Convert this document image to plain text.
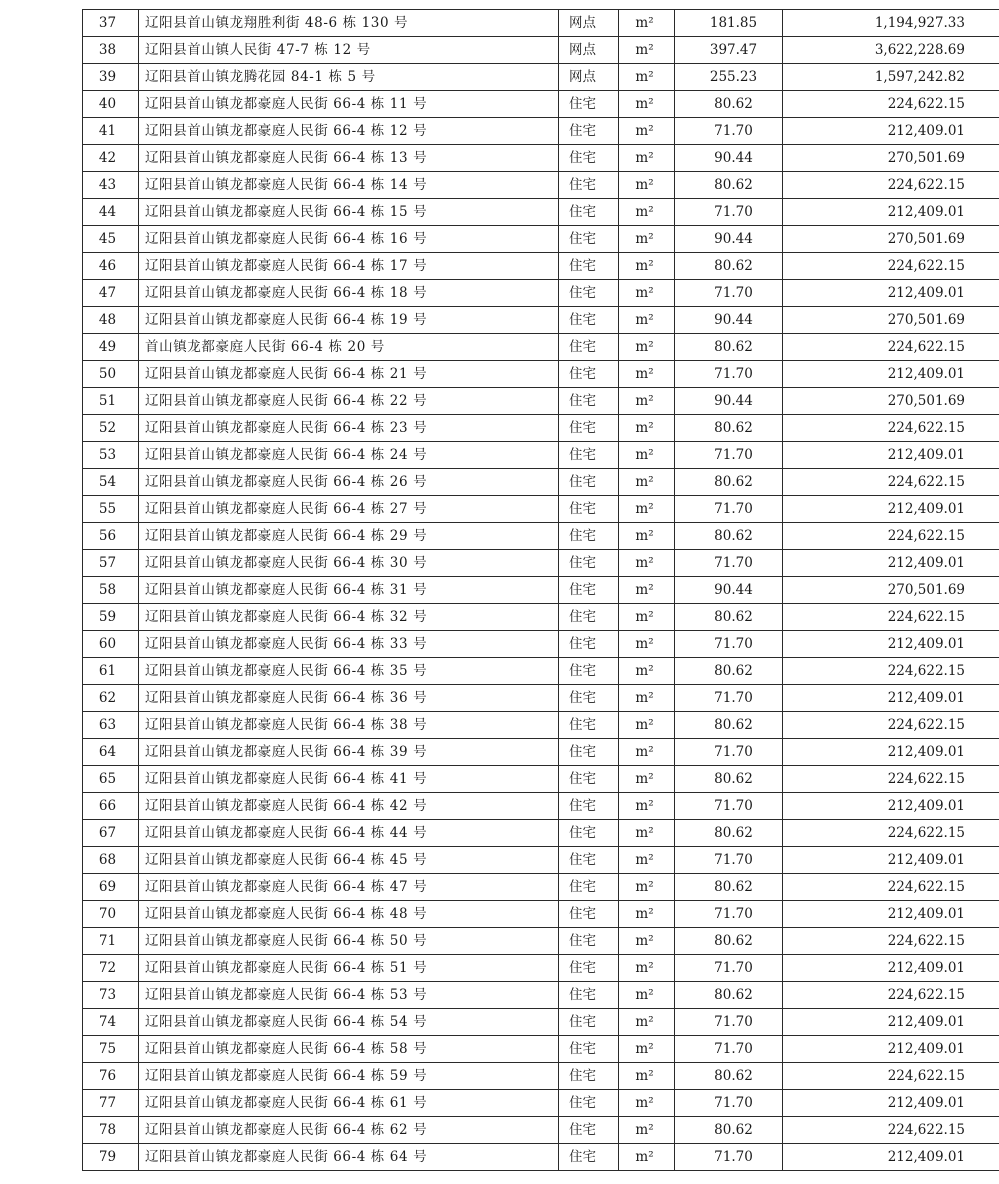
37	辽阳县首山镇龙翔胜利街 48-6 栋 130 号	网点	m²	181.85	1,194,927.33
38	辽阳县首山镇人民街 47-7 栋 12 号	网点	m²	397.47	3,622,228.69
39	辽阳县首山镇龙腾花园 84-1 栋 5 号	网点	m²	255.23	1,597,242.82
40	辽阳县首山镇龙都豪庭人民街 66-4 栋 11 号	住宅	m²	80.62	224,622.15
41	辽阳县首山镇龙都豪庭人民街 66-4 栋 12 号	住宅	m²	71.70	212,409.01
42	辽阳县首山镇龙都豪庭人民街 66-4 栋 13 号	住宅	m²	90.44	270,501.69
43	辽阳县首山镇龙都豪庭人民街 66-4 栋 14 号	住宅	m²	80.62	224,622.15
44	辽阳县首山镇龙都豪庭人民街 66-4 栋 15 号	住宅	m²	71.70	212,409.01
45	辽阳县首山镇龙都豪庭人民街 66-4 栋 16 号	住宅	m²	90.44	270,501.69
46	辽阳县首山镇龙都豪庭人民街 66-4 栋 17 号	住宅	m²	80.62	224,622.15
47	辽阳县首山镇龙都豪庭人民街 66-4 栋 18 号	住宅	m²	71.70	212,409.01
48	辽阳县首山镇龙都豪庭人民街 66-4 栋 19 号	住宅	m²	90.44	270,501.69
49	首山镇龙都豪庭人民街 66-4 栋 20 号	住宅	m²	80.62	224,622.15
50	辽阳县首山镇龙都豪庭人民街 66-4 栋 21 号	住宅	m²	71.70	212,409.01
51	辽阳县首山镇龙都豪庭人民街 66-4 栋 22 号	住宅	m²	90.44	270,501.69
52	辽阳县首山镇龙都豪庭人民街 66-4 栋 23 号	住宅	m²	80.62	224,622.15
53	辽阳县首山镇龙都豪庭人民街 66-4 栋 24 号	住宅	m²	71.70	212,409.01
54	辽阳县首山镇龙都豪庭人民街 66-4 栋 26 号	住宅	m²	80.62	224,622.15
55	辽阳县首山镇龙都豪庭人民街 66-4 栋 27 号	住宅	m²	71.70	212,409.01
56	辽阳县首山镇龙都豪庭人民街 66-4 栋 29 号	住宅	m²	80.62	224,622.15
57	辽阳县首山镇龙都豪庭人民街 66-4 栋 30 号	住宅	m²	71.70	212,409.01
58	辽阳县首山镇龙都豪庭人民街 66-4 栋 31 号	住宅	m²	90.44	270,501.69
59	辽阳县首山镇龙都豪庭人民街 66-4 栋 32 号	住宅	m²	80.62	224,622.15
60	辽阳县首山镇龙都豪庭人民街 66-4 栋 33 号	住宅	m²	71.70	212,409.01
61	辽阳县首山镇龙都豪庭人民街 66-4 栋 35 号	住宅	m²	80.62	224,622.15
62	辽阳县首山镇龙都豪庭人民街 66-4 栋 36 号	住宅	m²	71.70	212,409.01
63	辽阳县首山镇龙都豪庭人民街 66-4 栋 38 号	住宅	m²	80.62	224,622.15
64	辽阳县首山镇龙都豪庭人民街 66-4 栋 39 号	住宅	m²	71.70	212,409.01
65	辽阳县首山镇龙都豪庭人民街 66-4 栋 41 号	住宅	m²	80.62	224,622.15
66	辽阳县首山镇龙都豪庭人民街 66-4 栋 42 号	住宅	m²	71.70	212,409.01
67	辽阳县首山镇龙都豪庭人民街 66-4 栋 44 号	住宅	m²	80.62	224,622.15
68	辽阳县首山镇龙都豪庭人民街 66-4 栋 45 号	住宅	m²	71.70	212,409.01
69	辽阳县首山镇龙都豪庭人民街 66-4 栋 47 号	住宅	m²	80.62	224,622.15
70	辽阳县首山镇龙都豪庭人民街 66-4 栋 48 号	住宅	m²	71.70	212,409.01
71	辽阳县首山镇龙都豪庭人民街 66-4 栋 50 号	住宅	m²	80.62	224,622.15
72	辽阳县首山镇龙都豪庭人民街 66-4 栋 51 号	住宅	m²	71.70	212,409.01
73	辽阳县首山镇龙都豪庭人民街 66-4 栋 53 号	住宅	m²	80.62	224,622.15
74	辽阳县首山镇龙都豪庭人民街 66-4 栋 54 号	住宅	m²	71.70	212,409.01
75	辽阳县首山镇龙都豪庭人民街 66-4 栋 58 号	住宅	m²	71.70	212,409.01
76	辽阳县首山镇龙都豪庭人民街 66-4 栋 59 号	住宅	m²	80.62	224,622.15
77	辽阳县首山镇龙都豪庭人民街 66-4 栋 61 号	住宅	m²	71.70	212,409.01
78	辽阳县首山镇龙都豪庭人民街 66-4 栋 62 号	住宅	m²	80.62	224,622.15
79	辽阳县首山镇龙都豪庭人民街 66-4 栋 64 号	住宅	m²	71.70	212,409.01
